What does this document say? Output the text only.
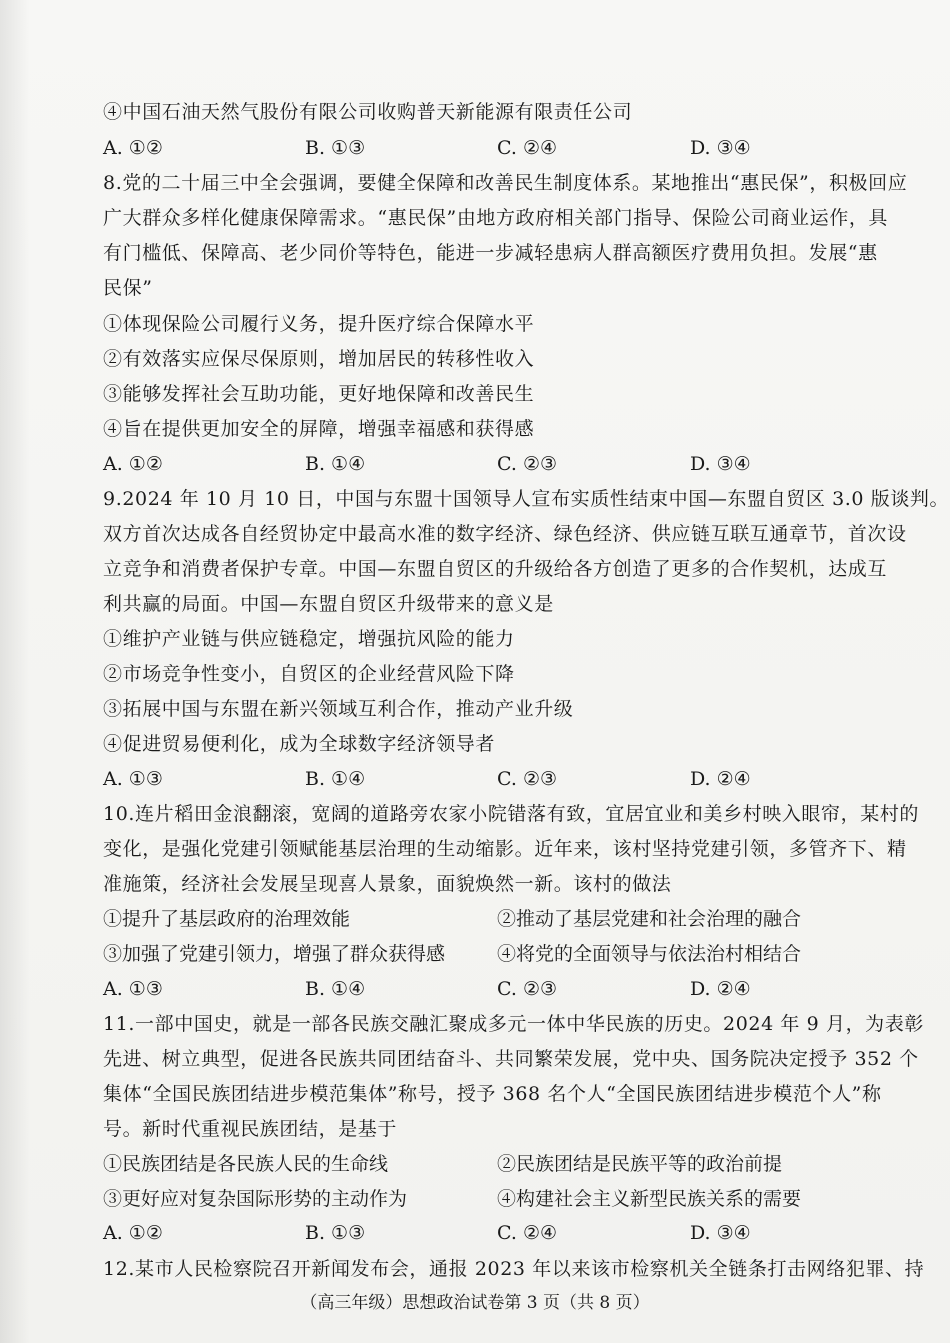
④中国石油天然气股份有限公司收购普天新能源有限责任公司
A. ①②	B. ①③	C. ②④	D. ③④
8.党的二十届三中全会强调，要健全保障和改善民生制度体系。某地推出“惠民保”，积极回应
广大群众多样化健康保障需求。“惠民保”由地方政府相关部门指导、保险公司商业运作，具
有门槛低、保障高、老少同价等特色，能进一步减轻患病人群高额医疗费用负担。发展“惠
民保”
①体现保险公司履行义务，提升医疗综合保障水平
②有效落实应保尽保原则，增加居民的转移性收入
③能够发挥社会互助功能，更好地保障和改善民生
④旨在提供更加安全的屏障，增强幸福感和获得感
A. ①②	B. ①④	C. ②③	D. ③④
9.2024 年 10 月 10 日，中国与东盟十国领导人宣布实质性结束中国—东盟自贸区 3.0 版谈判。
双方首次达成各自经贸协定中最高水准的数字经济、绿色经济、供应链互联互通章节，首次设
立竞争和消费者保护专章。中国—东盟自贸区的升级给各方创造了更多的合作契机，达成互
利共赢的局面。中国—东盟自贸区升级带来的意义是
①维护产业链与供应链稳定，增强抗风险的能力
②市场竞争性变小，自贸区的企业经营风险下降
③拓展中国与东盟在新兴领域互利合作，推动产业升级
④促进贸易便利化，成为全球数字经济领导者
A. ①③	B. ①④	C. ②③	D. ②④
10.连片稻田金浪翻滚，宽阔的道路旁农家小院错落有致，宜居宜业和美乡村映入眼帘，某村的
变化，是强化党建引领赋能基层治理的生动缩影。近年来，该村坚持党建引领，多管齐下、精
准施策，经济社会发展呈现喜人景象，面貌焕然一新。该村的做法
①提升了基层政府的治理效能	②推动了基层党建和社会治理的融合
③加强了党建引领力，增强了群众获得感	④将党的全面领导与依法治村相结合
A. ①③	B. ①④	C. ②③	D. ②④
11.一部中国史，就是一部各民族交融汇聚成多元一体中华民族的历史。2024 年 9 月，为表彰
先进、树立典型，促进各民族共同团结奋斗、共同繁荣发展，党中央、国务院决定授予 352 个
集体“全国民族团结进步模范集体”称号，授予 368 名个人“全国民族团结进步模范个人”称
号。新时代重视民族团结，是基于
①民族团结是各民族人民的生命线	②民族团结是民族平等的政治前提
③更好应对复杂国际形势的主动作为	④构建社会主义新型民族关系的需要
A. ①②	B. ①③	C. ②④	D. ③④
12.某市人民检察院召开新闻发布会，通报 2023 年以来该市检察机关全链条打击网络犯罪、持
（高三年级）思想政治试卷第 3 页（共 8 页）
